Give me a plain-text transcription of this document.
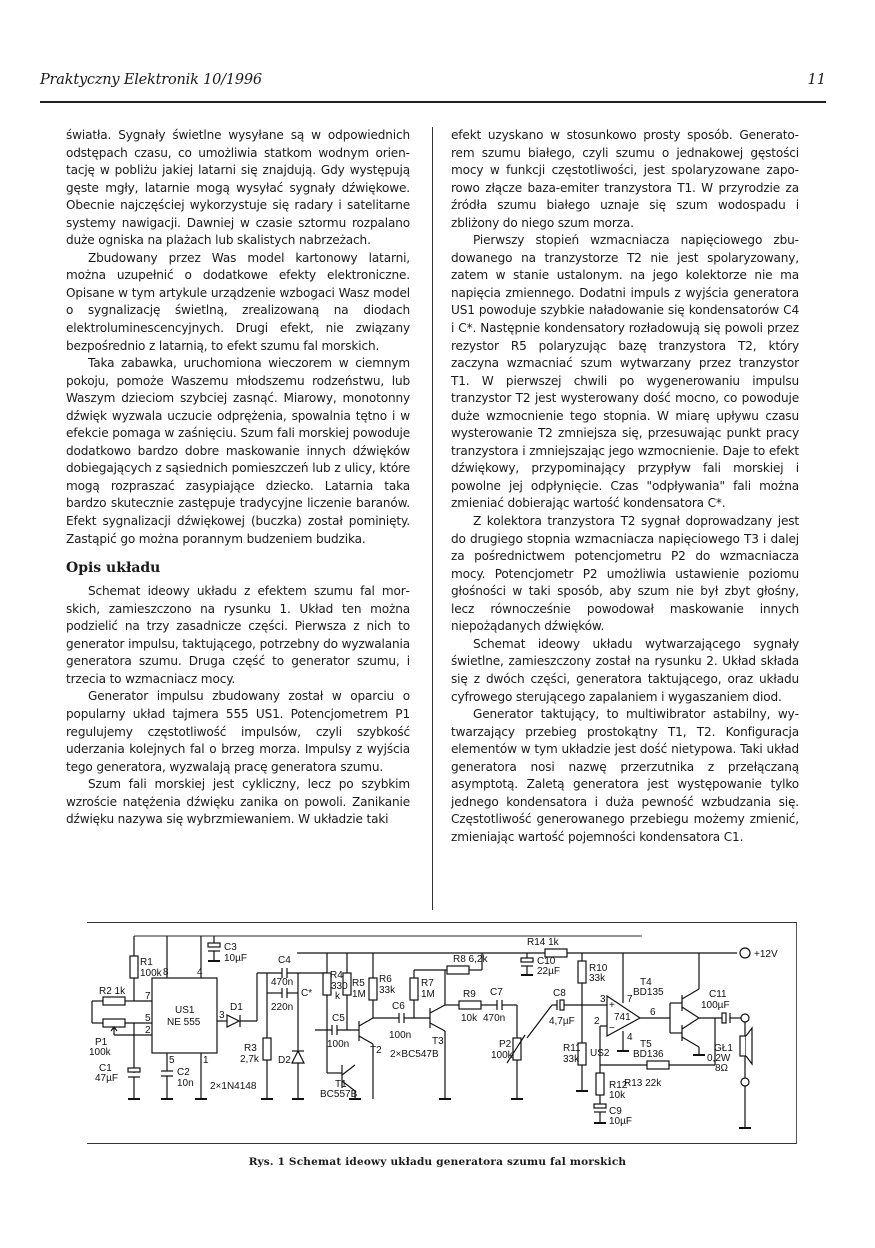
Praktyczny Elektronik 10/1996	11

światła. Sygnały świetlne wysyłane są w odpowiednich odstępach czasu, co umożliwia statkom wodnym orientację w pobliżu jakiej latarni się znajdują. Gdy występują gęste mgły, latarnie mogą wysyłać sygnały dźwiękowe. Obecnie najczęściej wykorzystuje się radary i satelitarne systemy nawigacji. Dawniej w czasie sztormu rozpalano duże ogniska na plażach lub skalistych nabrzeżach.

Zbudowany przez Was model kartonowy latarni, można uzupełnić o dodatkowe efekty elektroniczne. Opisane w tym artykule urządzenie wzbogaci Wasz model o sygnalizację świetlną, zrealizowaną na diodach elektroluminescencyjnych. Drugi efekt, nie związany bezpośrednio z latarnią, to efekt szumu fal morskich.

Taka zabawka, uruchomiona wieczorem w ciemnym pokoju, pomoże Waszemu młodszemu rodzeństwu, lub Waszym dzieciom szybciej zasnąć. Miarowy, monotonny dźwięk wyzwala uczucie odprężenia, spowalnia tętno i w efekcie pomaga w zaśnięciu. Szum fali morskiej powoduje dodatkowo bardzo dobre maskowanie innych dźwięków dobiegających z sąsiednich pomieszczeń lub z ulicy, które mogą rozpraszać zasypiające dziecko. Latarnia taka bardzo skutecznie zastępuje tradycyjne liczenie baranów. Efekt sygnalizacji dźwiękowej (buczka) został pominięty. Zastąpić go można porannym budzeniem budzika.

Opis układu

Schemat ideowy układu z efektem szumu fal morskich, zamieszczono na rysunku 1. Układ ten można podzielić na trzy zasadnicze części. Pierwsza z nich to generator impulsu, taktującego, potrzebny do wyzwalania generatora szumu. Druga część to generator szumu, i trzecia to wzmacniacz mocy.

Generator impulsu zbudowany został w oparciu o popularny układ tajmera 555 US1. Potencjometrem P1 regulujemy częstotliwość impulsów, czyli szybkość uderzania kolejnych fal o brzeg morza. Impulsy z wyjścia tego generatora, wyzwalają pracę generatora szumu.

Szum fali morskiej jest cykliczny, lecz po szybkim wzroście natężenia dźwięku zanika on powoli. Zanikanie dźwięku nazywa się wybrzmiewaniem. W układzie taki

efekt uzyskano w stosunkowo prosty sposób. Generatorem szumu białego, czyli szumu o jednakowej gęstości mocy w funkcji częstotliwości, jest spolaryzowane zaporowo złącze baza-emiter tranzystora T1. W przyrodzie za źródła szumu białego uznaje się szum wodospadu i zbliżony do niego szum morza.

Pierwszy stopień wzmacniacza napięciowego zbudowanego na tranzystorze T2 nie jest spolaryzowany, zatem w stanie ustalonym. na jego kolektorze nie ma napięcia zmiennego. Dodatni impuls z wyjścia generatora US1 powoduje szybkie naładowanie się kondensatorów C4 i C*. Następnie kondensatory rozładowują się powoli przez rezystor R5 polaryzując bazę tranzystora T2, który zaczyna wzmacniać szum wytwarzany przez tranzystor T1. W pierwszej chwili po wygenerowaniu impulsu tranzystor T2 jest wysterowany dość mocno, co powoduje duże wzmocnienie tego stopnia. W miarę upływu czasu wysterowanie T2 zmniejsza się, przesuwając punkt pracy tranzystora i zmniejszając jego wzmocnienie. Daje to efekt dźwiękowy, przypominający przypływ fali morskiej i powolne jej odpłynięcie. Czas "odpływania" fali można zmieniać dobierając wartość kondensatora C*.

Z kolektora tranzystora T2 sygnał doprowadzany jest do drugiego stopnia wzmacniacza napięciowego T3 i dalej za pośrednictwem potencjometru P2 do wzmacniacza mocy. Potencjometr P2 umożliwia ustawienie poziomu głośności w taki sposób, aby szum nie był zbyt głośny, lecz równocześnie powodował maskowanie innych niepożądanych dźwięków.

Schemat ideowy układu wytwarzającego sygnały świetlne, zamieszczony został na rysunku 2. Układ składa się z dwóch części, generatora taktującego, oraz układu cyfrowego sterującego zapalaniem i wygaszaniem diod.

Generator taktujący, to multiwibrator astabilny, wytwarzający przebieg prostokątny T1, T2. Konfiguracja elementów w tym układzie jest dość nietypowa. Taki układ generatora nosi nazwę przerzutnika z przełączaną asymptotą. Zaletą generatora jest występowanie tylko jednego kondensatora i duża pewność wzbudzania się. Częstotliwość generowanego przebiegu możemy zmienić, zmieniając wartość pojemności kondensatora C1.

R1
100k
R2 1k
P1
100k
C1
47µF
C2
10n
C3
10µF
US1
NE 555
8	4
7
5
2
3
1
5
D1
D2
2×1N4148
C4
470n
C*
220n
R3
2,7k
R4
330
k
R5
1M
C5
100n
T1
BC557B
T2
R6
33k
C6
100n
R7
1M
T3
2×BC547B
R8 6,2k
R9
10k
C7
470n
P2
100k
R14 1k
C10
22µF
C8
4,7µF
R10
33k
R11
33k
741
US2
3
2
7
6
4
+
−
T4
BD135
T5
BD136
C11
100µF
GŁ1
0,2W
8Ω
R12
10k
C9
10µF
R13 22k
+12V
Rys. 1 Schemat ideowy układu generatora szumu fal morskich
